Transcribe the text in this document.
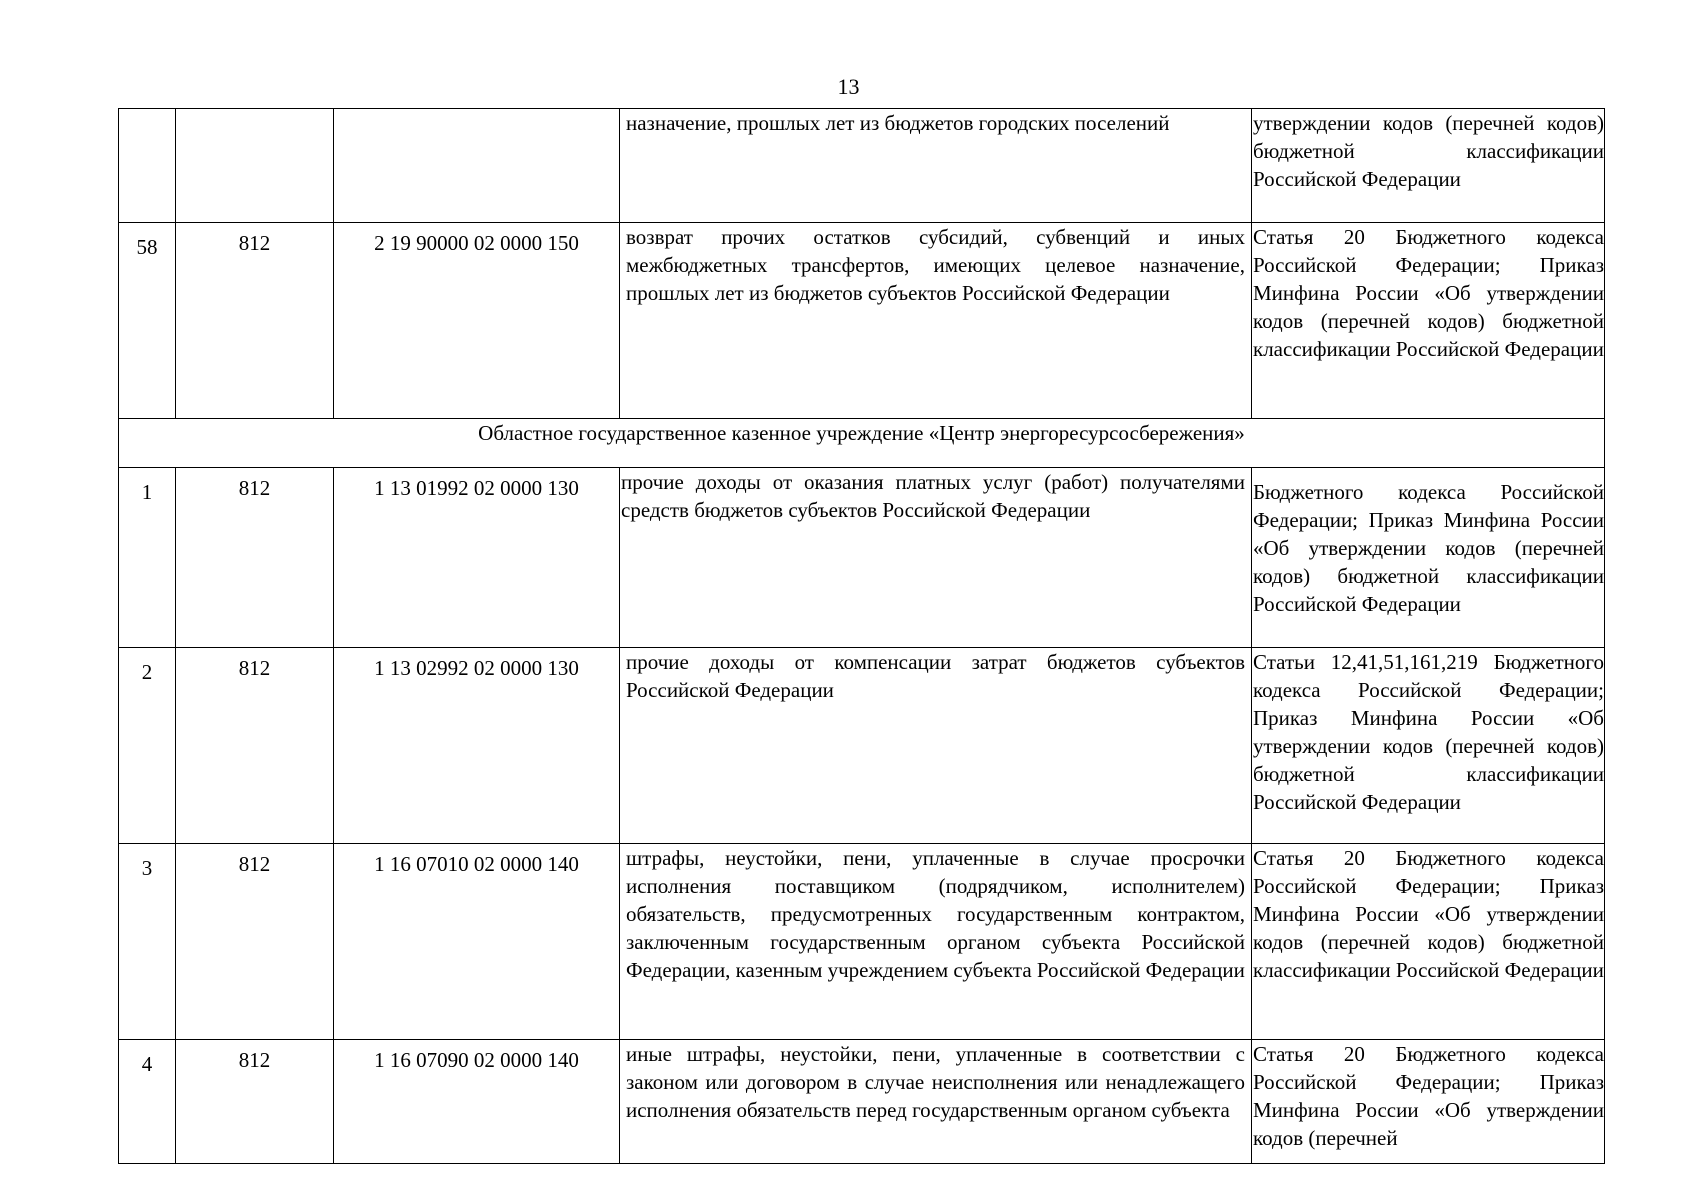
13
			назначение, прошлых лет из бюджетов городских поселений	утверждении кодов (перечней кодов) бюджетной классификации Российской Федерации
58	812	2 19 90000 02 0000 150	возврат прочих остатков субсидий, субвенций и иных межбюджетных трансфертов, имеющих целевое назначение, прошлых лет из бюджетов субъектов Российской Федерации	Статья 20 Бюджетного кодекса Российской Федерации; Приказ Минфина России «Об утверждении кодов (перечней кодов) бюджетной классификации Российской Федерации
Областное государственное казенное учреждение «Центр энергоресурсосбережения»				
1	812	1 13 01992 02 0000 130	прочие доходы от оказания платных услуг (работ) получателями средств бюджетов субъектов Российской Федерации	Бюджетного кодекса Российской Федерации; Приказ Минфина России «Об утверждении кодов (перечней кодов) бюджетной классификации Российской Федерации
2	812	1 13 02992 02 0000 130	прочие доходы от компенсации затрат бюджетов субъектов Российской Федерации	Статьи 12,41,51,161,219 Бюджетного кодекса Российской Федерации; Приказ Минфина России «Об утверждении кодов (перечней кодов) бюджетной классификации Российской Федерации
3	812	1 16 07010 02 0000 140	штрафы, неустойки, пени, уплаченные в случае просрочки исполнения поставщиком (подрядчиком, исполнителем) обязательств, предусмотренных государственным контрактом, заключенным государственным органом субъекта Российской Федерации, казенным учреждением субъекта Российской Федерации	Статья 20 Бюджетного кодекса Российской Федерации; Приказ Минфина России «Об утверждении кодов (перечней кодов) бюджетной классификации Российской Федерации
4	812	1 16 07090 02 0000 140	иные штрафы, неустойки, пени, уплаченные в соответствии с законом или договором в случае неисполнения или ненадлежащего исполнения обязательств перед государственным органом субъекта	Статья 20 Бюджетного кодекса Российской Федерации; Приказ Минфина России «Об утверждении кодов (перечней
